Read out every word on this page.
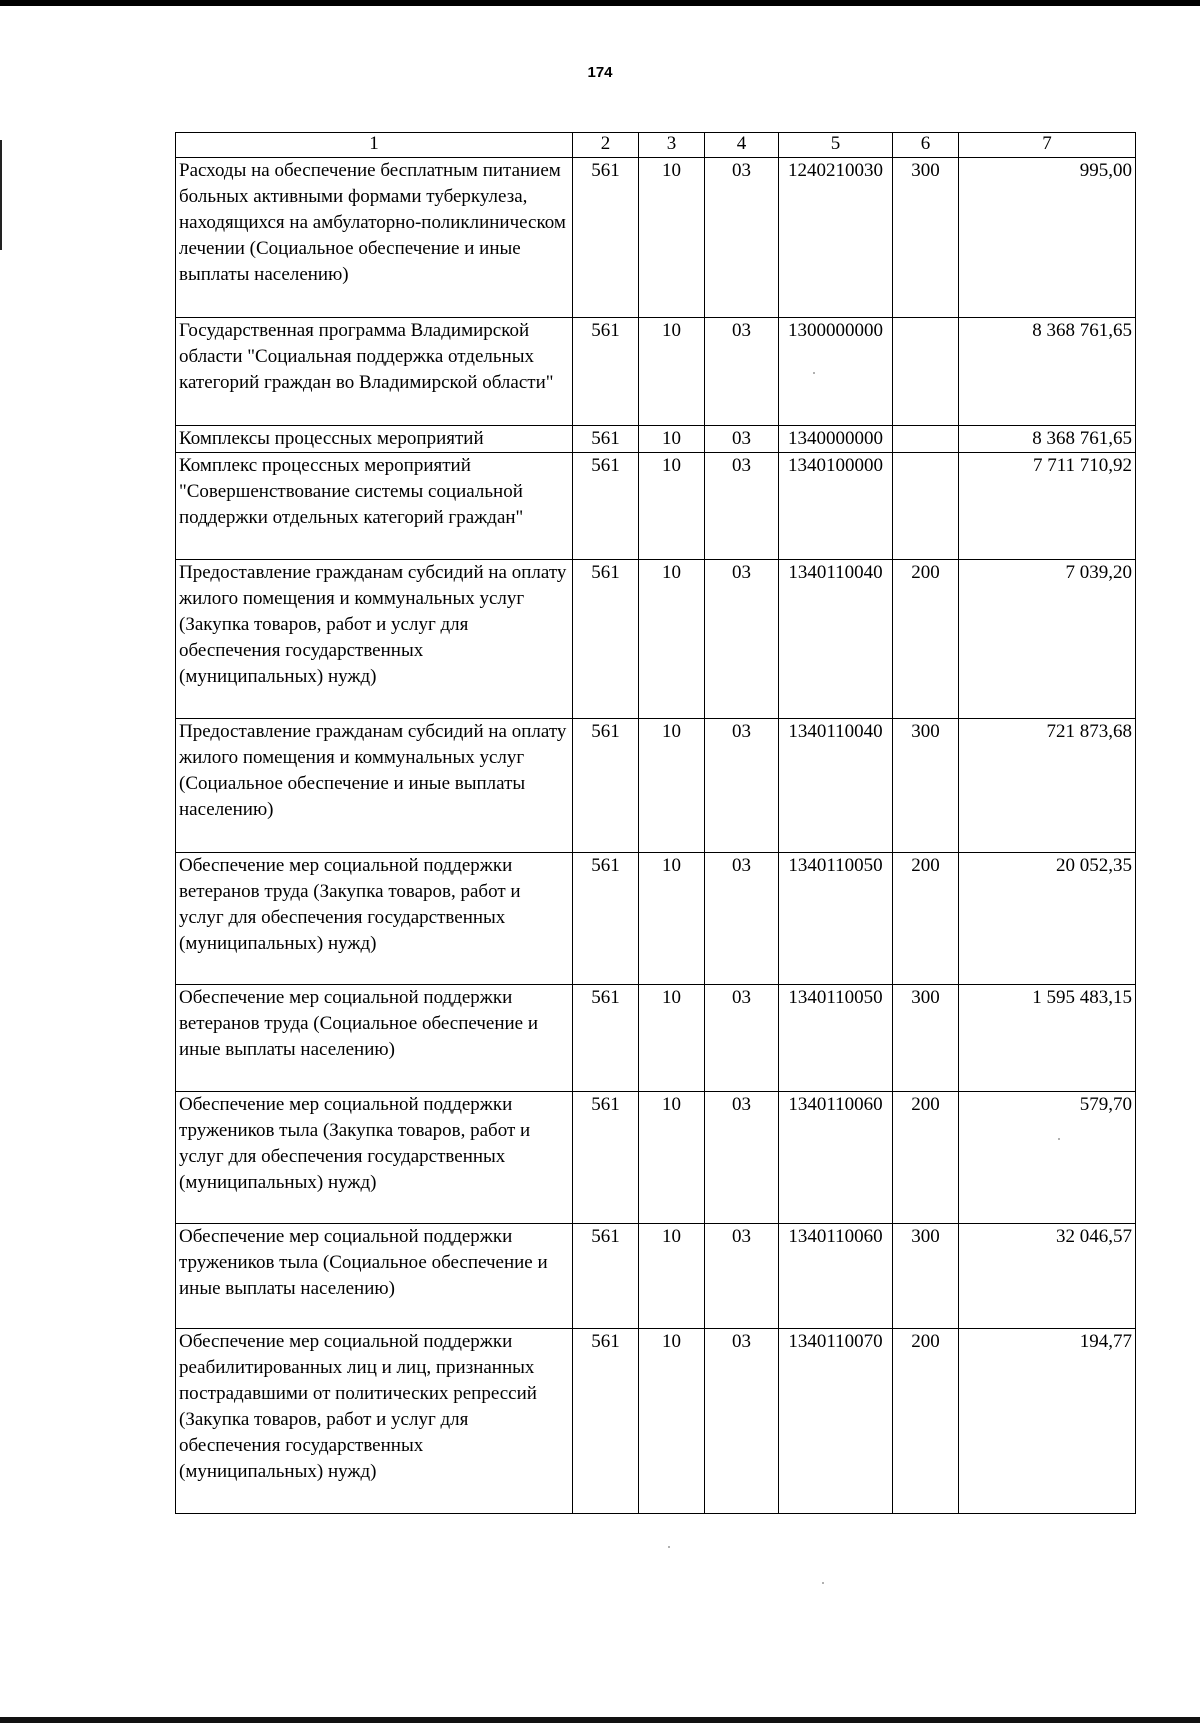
174
1	2	3	4	5	6	7
Расходы на обеспечение бесплатным питанием больных активными формами туберкулеза, находящихся на амбулаторно-поликлиническом лечении (Социальное обеспечение и иные выплаты населению)	561	10	03	1240210030	300	995,00
Государственная программа Владимирской области "Социальная поддержка отдельных категорий граждан во Владимирской области"	561	10	03	1300000000		8 368 761,65
Комплексы процессных мероприятий	561	10	03	1340000000		8 368 761,65
Комплекс процессных мероприятий "Совершенствование системы социальной поддержки отдельных категорий граждан"	561	10	03	1340100000		7 711 710,92
Предоставление гражданам субсидий на оплату жилого помещения и коммунальных услуг (Закупка товаров, работ и услуг для обеспечения государственных (муниципальных) нужд)	561	10	03	1340110040	200	7 039,20
Предоставление гражданам субсидий на оплату жилого помещения и коммунальных услуг (Социальное обеспечение и иные выплаты населению)	561	10	03	1340110040	300	721 873,68
Обеспечение мер социальной поддержки ветеранов труда (Закупка товаров, работ и услуг для обеспечения государственных (муниципальных) нужд)	561	10	03	1340110050	200	20 052,35
Обеспечение мер социальной поддержки ветеранов труда (Социальное обеспечение и иные выплаты населению)	561	10	03	1340110050	300	1 595 483,15
Обеспечение мер социальной поддержки тружеников тыла (Закупка товаров, работ и услуг для обеспечения государственных (муниципальных) нужд)	561	10	03	1340110060	200	579,70
Обеспечение мер социальной поддержки тружеников тыла (Социальное обеспечение и иные выплаты населению)	561	10	03	1340110060	300	32 046,57
Обеспечение мер социальной поддержки реабилитированных лиц и лиц, признанных пострадавшими от политических репрессий (Закупка товаров, работ и услуг для обеспечения государственных (муниципальных) нужд)	561	10	03	1340110070	200	194,77
